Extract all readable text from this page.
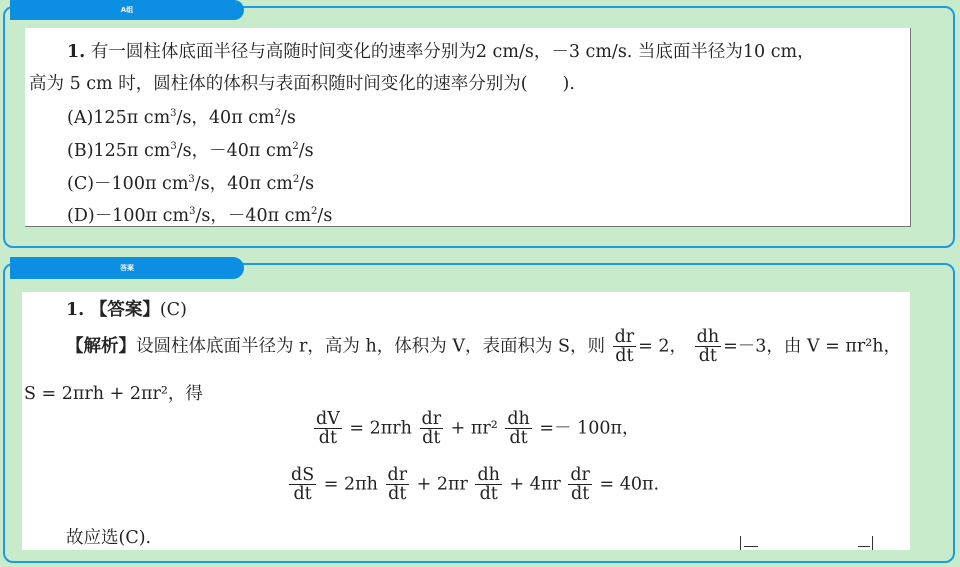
A组
1. 有一圆柱体底面半径与高随时间变化的速率分别为2 cm/s，－3 cm/s. 当底面半径为10 cm，
高为 5 cm 时，圆柱体的体积与表面积随时间变化的速率分别为(　　).
(A)125π $cm^3/s$，40π $cm^2/s$
(B)125π $cm^3/s$，－40π $cm^2/s$
(C)－100π $cm^3/s$，40π $cm^2/s$
(D)－100π $cm^3/s$，－40π $cm^2/s$
答案
1. 【答案】(C)
【解析】设圆柱体底面半径为 r，高为 h，体积为 V，表面积为 S，则 $\frac{dr}{dt} = 2$， $\frac{dh}{dt} =-3$，由 V = πr²h，
S = 2πrh + 2πr²，得
$\frac{dV}{dt} = 2\pi rh \frac{dr}{dt} + \pi r^2 \frac{dh}{dt} =- 100\pi$，
$\frac{dS}{dt} = 2\pi h \frac{dr}{dt} + 2\pi r \frac{dh}{dt} + 4\pi r \frac{dr}{dt} = 40\pi$.
故应选(C).
